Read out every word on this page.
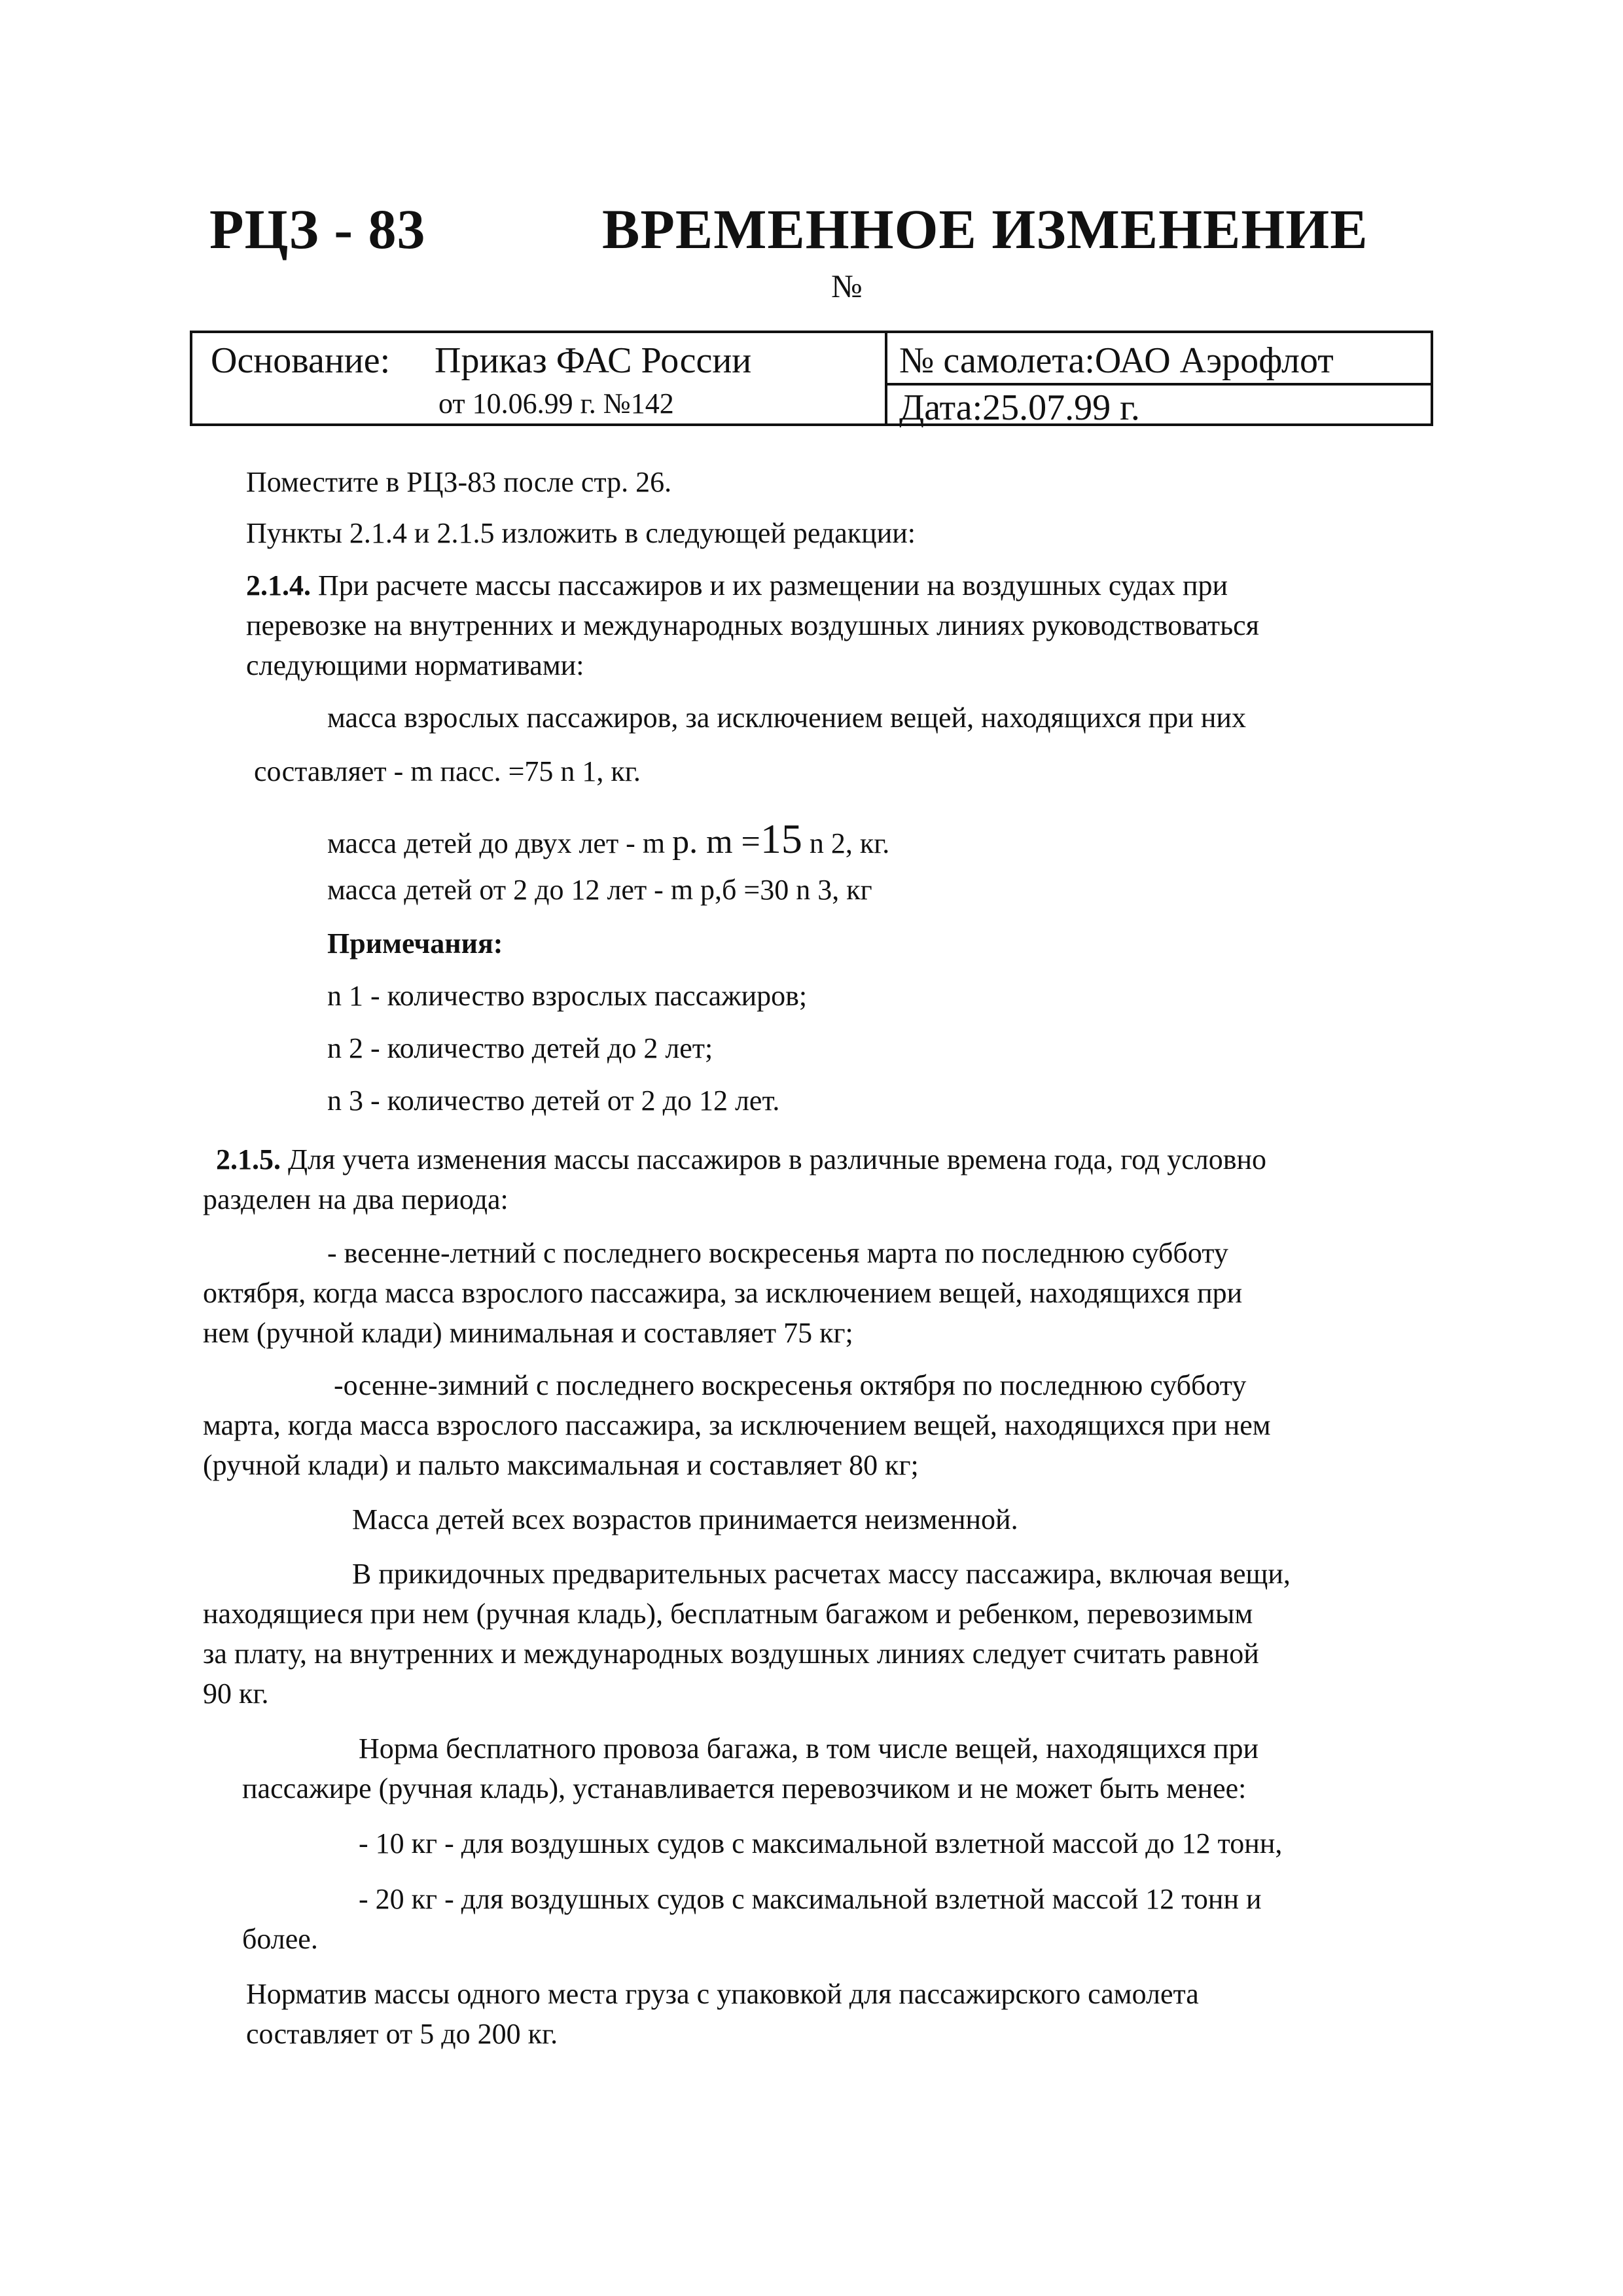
РЦЗ - 83	ВРЕМЕННОЕ ИЗМЕНЕНИЕ
№
Основание: Приказ ФАС России
от 10.06.99 г. №142
№ самолета:ОАО Аэрофлот
Дата:25.07.99 г.
Поместите в РЦЗ-83 после стр. 26.
Пункты 2.1.4 и 2.1.5 изложить в следующей редакции:
2.1.4. При расчете массы пассажиров и их размещении на воздушных судах при
перевозке на внутренних и международных воздушных линиях руководствоваться
следующими нормативами:
масса взрослых пассажиров, за исключением вещей, находящихся при них
составляет - m пасс. =75 n 1, кг.
масса детей до двух лет - m р. m =15 n 2, кг.
масса детей от 2 до 12 лет - m р,б =30 n 3, кг
Примечания:
n 1 - количество взрослых пассажиров;
n 2 - количество детей до 2 лет;
n 3 - количество детей от 2 до 12 лет.
2.1.5. Для учета изменения массы пассажиров в различные времена года, год условно
разделен на два периода:
- весенне-летний с последнего воскресенья марта по последнюю субботу
октября, когда масса взрослого пассажира, за исключением вещей, находящихся при
нем (ручной клади) минимальная и составляет 75 кг;
-осенне-зимний с последнего воскресенья октября по последнюю субботу
марта, когда масса взрослого пассажира, за исключением вещей, находящихся при нем
(ручной клади) и пальто максимальная и составляет 80 кг;
Масса детей всех возрастов принимается неизменной.
В прикидочных предварительных расчетах массу пассажира, включая вещи,
находящиеся при нем (ручная кладь), бесплатным багажом и ребенком, перевозимым
за плату, на внутренних и международных воздушных линиях следует считать равной
90 кг.
Норма бесплатного провоза багажа, в том числе вещей, находящихся при
пассажире (ручная кладь), устанавливается перевозчиком и не может быть менее:
- 10 кг - для воздушных судов с максимальной взлетной массой до 12 тонн,
- 20 кг - для воздушных судов с максимальной взлетной массой 12 тонн и
более.
Норматив массы одного места груза с упаковкой для пассажирского самолета
составляет от 5 до 200 кг.
